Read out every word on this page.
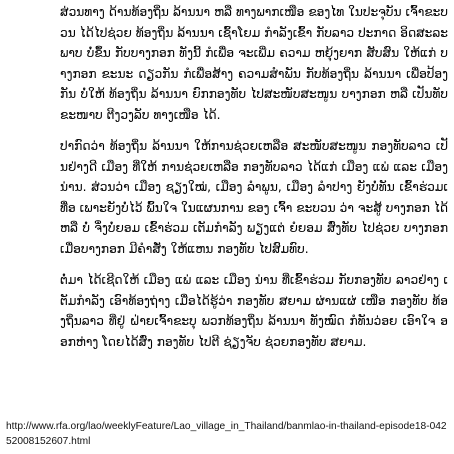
ສ່ວນທາງ ດ້ານທ້ອງຖິ່ນ ລ້ານນາ ຫລື ທາງພາກເໜືອ ຂອງໄທ ໃນປະຈຸບັນ ເຈົ້າຂະບວນ ໄດ້ໄປຊ່ວຍ ທ້ອງຖິ່ນ ລ້ານນາ ເຊົ້າໂຍມ ກຳລັງເຂົ້າ ກັບລາວ ປະກາດ ອິດສະລະພາບ ບໍ່ຂຶ້ນ ກັບບາງກອກ ທັງນີ້ ກໍເພື່ອ ຈະເພີ່ມ ຄວາມ ຫຍຸ້ງຍາກ ສັບສົນ ໃຫ້ແກ່ ບາງກອກ ຂະນະ ດຽວກັນ ກໍເພື່ອສ້າງ ຄວາມສຳພັນ ກັບທ້ອງຖິ່ນ ລ້ານນາ ເພື່ອປ້ອງກັນ ບໍ່ໃຫ້ ທ້ອງຖິ່ນ ລ້ານນາ ຍົກກອງທັບ ໄປສະໜັບສະໜູນ ບາງກອກ ຫລື ເປັນທັບ ຂະໜາບ ຕີງວງລັບ ທາງເໜືອ ໄດ້.

ປາກົດວ່າ ທ້ອງຖິ່ນ ລ້ານນາ ໃຫ້ການຊ່ວຍເຫລືອ ສະໜັບສະໜູນ ກອງທັບລາວ ເປັນຢ່າງດີ ເມືອງ ທີ່ໃຫ້ ການຊ່ວຍເຫລືອ ກອງທັບລາວ ໄດ້ແກ່ ເມືອງ ແພ່ ແລະ ເມືອງ ນ່ານ. ສ່ວນວ່າ ເມືອງ ຊຽງໃໝ່, ເມືອງ ລຳພູນ, ເມືອງ ລຳປາງ ຍັງບໍ່ທັນ ເຂົ້າຮ່ວມເທື່ອ ເພາະຍັງບໍ່ໄວ້ ພົ້ນໃຈ ໃນແຜນການ ຂອງ ເຈົ້າ ຂະບວນ ວ່າ ຈະສູ້ ບາງກອກ ໄດ້ ຫລື ບໍ່ ຈຶ່ງບໍ່ຍອມ ເຂົ້າຮ່ວມ ເຕັມກຳລັງ ພຽງແຕ່ ຍໍຍອມ ສົ່ງທັບ ໄປຊ່ວຍ ບາງກອກ ເມື່ອບາງກອກ ມີຄຳສັ່ງ ໃຫ້ແຫນ ກອງທັບ ໄປສົມທົບ.

ຕໍ່ມາ ໄດ້ເຊີດໃຫ້ ເມືອງ ແພ່ ແລະ ເມືອງ ນ່ານ ທີ່ເຂົ້າຮ່ວມ ກັບກອງທັບ ລາວຢ່າງ ເຕັມກຳລັງ ເອົາທ້ອງຖ່າງ ເມື່ອໄດ້ຮູ້ວ່າ ກອງທັບ ສຍາມ ຜ່ານແຜ່ ເໜືອ ກອງທັບ ທ້ອງຖິ່ນລາວ ທີ່ຢູ່ ຝ່າຍເຈົ້າຂະບຸ ພວກທ້ອງຖິ່ນ ລ້ານນາ ທັງໝົດ ກໍທັນວ່ອຍ ເອົາໃຈ ອອກຫ່າງ ໂດຍໄດ້ສົ່ງ ກອງທັບ ໄປຕີ ຊ່ຽງຈັບ ຊ່ວຍກອງທັບ ສຍາມ.

http://www.rfa.org/lao/weeklyFeature/Lao_village_in_Thailand/banmlao-in-thailand-episode18-04252008152607.html
